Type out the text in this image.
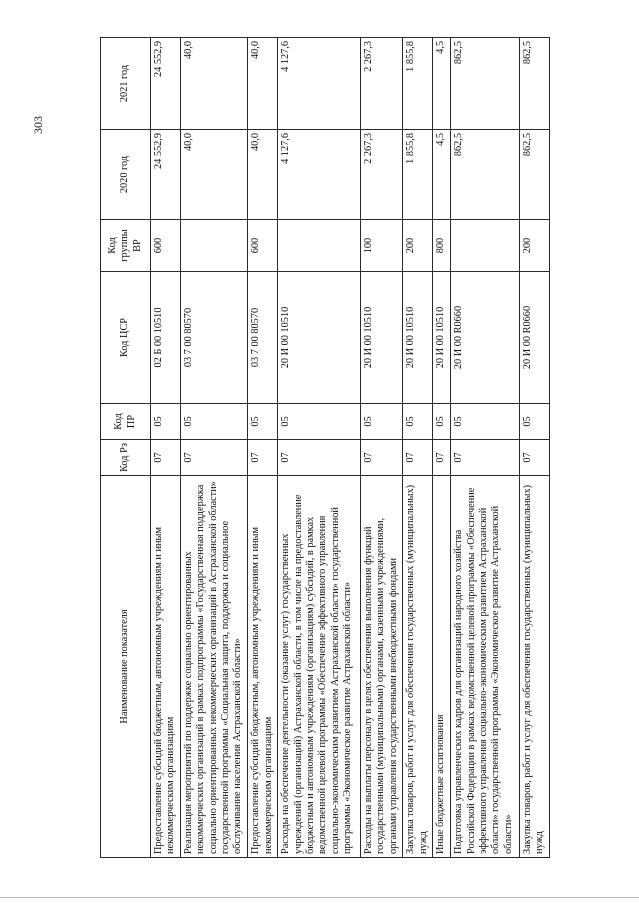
303
Наименование показателя	Код Рз	Код ПР	Код ЦСР	Код группы ВР	2020 год	2021 год
Предоставление субсидий бюджетным, автономным учреждениям и иным некоммерческим организациям	07	05	02 Б 00 10510	600	24 552,9	24 552,9
Реализация мероприятий по поддержке социально ориентированных некоммерческих организаций в рамках подпрограммы «Государственная поддержка социально ориентированных некоммерческих организаций в Астраханской области» государственной программы «Социальная защита, поддержка и социальное обслуживание населения Астраханской области»	07	05	03 7 00 80570		40,0	40,0
Предоставление субсидий бюджетным, автономным учреждениям и иным некоммерческим организациям	07	05	03 7 00 80570	600	40,0	40,0
Расходы на обеспечение деятельности (оказание услуг) государственных учреждений (организаций) Астраханской области, в том числе на предоставление бюджетным и автономным учреждениям (организациям) субсидий, в рамках ведомственной целевой программы «Обеспечение эффективного управления социально-экономическим развитием Астраханской области» государственной программы «Экономическое развитие Астраханской области»	07	05	20 И 00 10510		4 127,6	4 127,6
Расходы на выплаты персоналу в целях обеспечения выполнения функций государственными (муниципальными) органами, казенными учреждениями, органами управления государственными внебюджетными фондами	07	05	20 И 00 10510	100	2 267,3	2 267,3
Закупка товаров, работ и услуг для обеспечения государственных (муниципальных) нужд	07	05	20 И 00 10510	200	1 855,8	1 855,8
Иные бюджетные ассигнования	07	05	20 И 00 10510	800	4,5	4,5
Подготовка управленческих кадров для организаций народного хозяйства Российской Федерации в рамках ведомственной целевой программы «Обеспечение эффективного управления социально-экономическим развитием Астраханской области» государственной программы «Экономическое развитие Астраханской области»	07	05	20 И 00 R0660		862,5	862,5
Закупка товаров, работ и услуг для обеспечения государственных (муниципальных) нужд	07	05	20 И 00 R0660	200	862,5	862,5
